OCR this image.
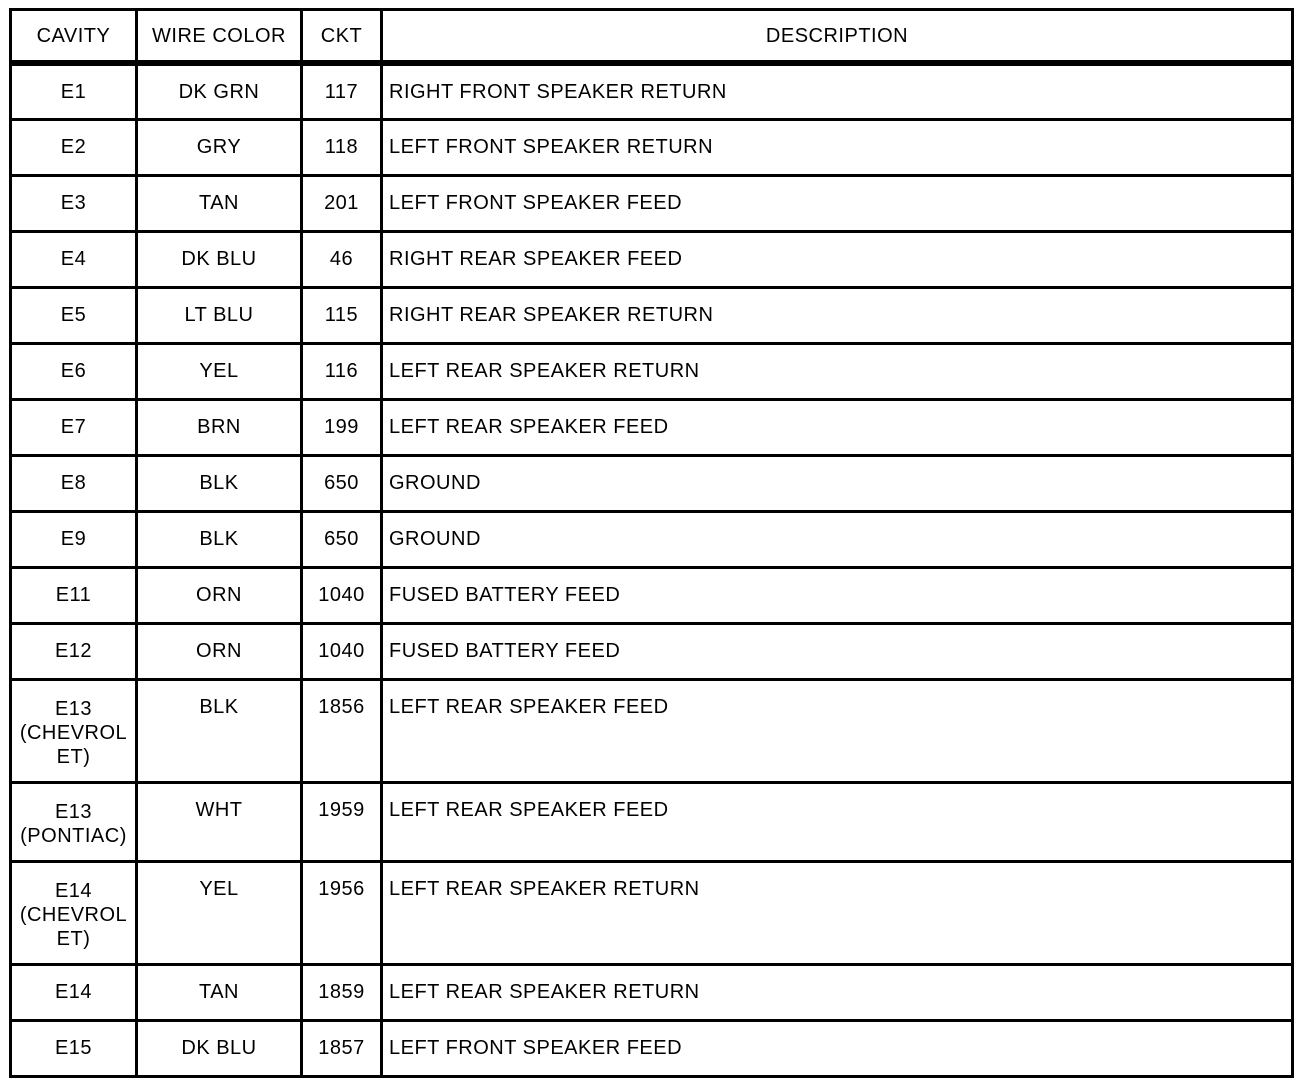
CAVITY	WIRE COLOR	CKT	DESCRIPTION
E1	DK GRN	117	RIGHT FRONT SPEAKER RETURN
E2	GRY	118	LEFT FRONT SPEAKER RETURN
E3	TAN	201	LEFT FRONT SPEAKER FEED
E4	DK BLU	46	RIGHT REAR SPEAKER FEED
E5	LT BLU	115	RIGHT REAR SPEAKER RETURN
E6	YEL	116	LEFT REAR SPEAKER RETURN
E7	BRN	199	LEFT REAR SPEAKER FEED
E8	BLK	650	GROUND
E9	BLK	650	GROUND
E11	ORN	1040	FUSED BATTERY FEED
E12	ORN	1040	FUSED BATTERY FEED
E13
(CHEVROL
ET)	BLK	1856	LEFT REAR SPEAKER FEED
E13
(PONTIAC)	WHT	1959	LEFT REAR SPEAKER FEED
E14
(CHEVROL
ET)	YEL	1956	LEFT REAR SPEAKER RETURN
E14	TAN	1859	LEFT REAR SPEAKER RETURN
E15	DK BLU	1857	LEFT FRONT SPEAKER FEED
